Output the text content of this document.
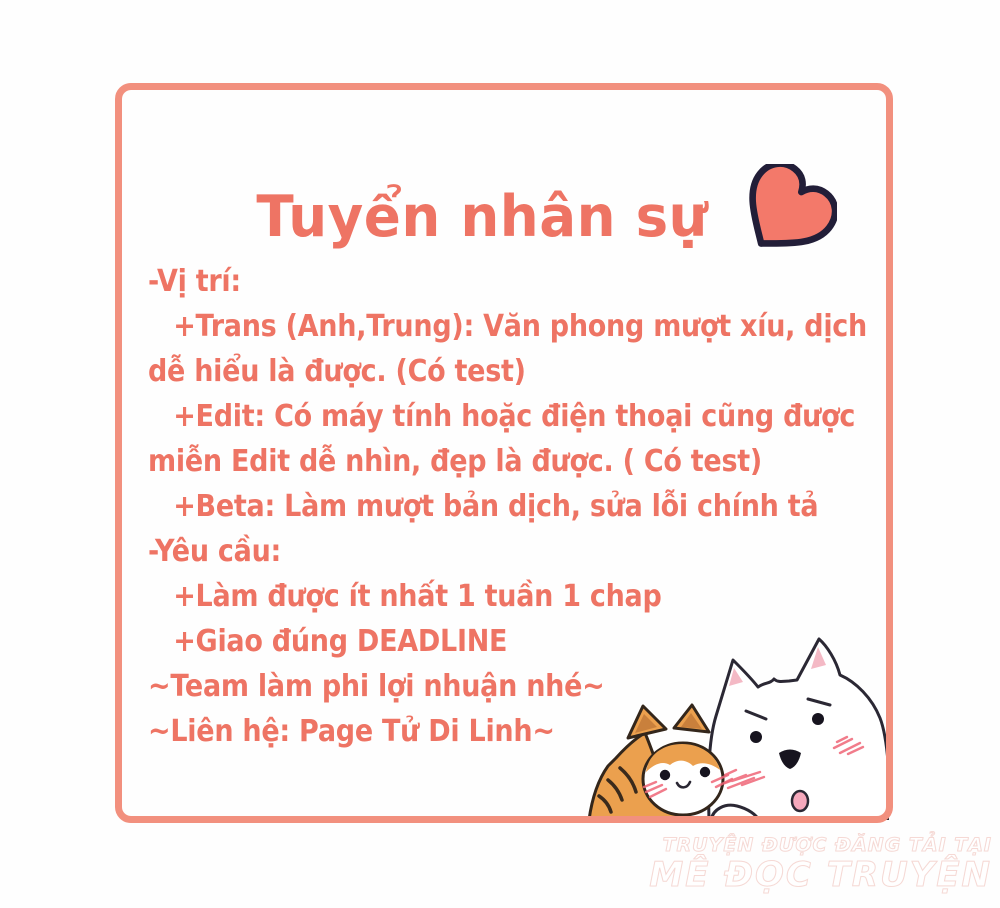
Tuyển nhân sự
-Vị trí:
+Trans (Anh,Trung): Văn phong mượt xíu, dịch
dễ hiểu là được. (Có test)
+Edit: Có máy tính hoặc điện thoại cũng được
miễn Edit dễ nhìn, đẹp là được. ( Có test)
+Beta: Làm mượt bản dịch, sửa lỗi chính tả
-Yêu cầu:
+Làm được ít nhất 1 tuần 1 chap
+Giao đúng DEADLINE
~Team làm phi lợi nhuận nhé~
~Liên hệ: Page Tử Di Linh~
TRUYỆN ĐƯỢC ĐĂNG TẢI TẠI
MÊ ĐỌC TRUYỆN
